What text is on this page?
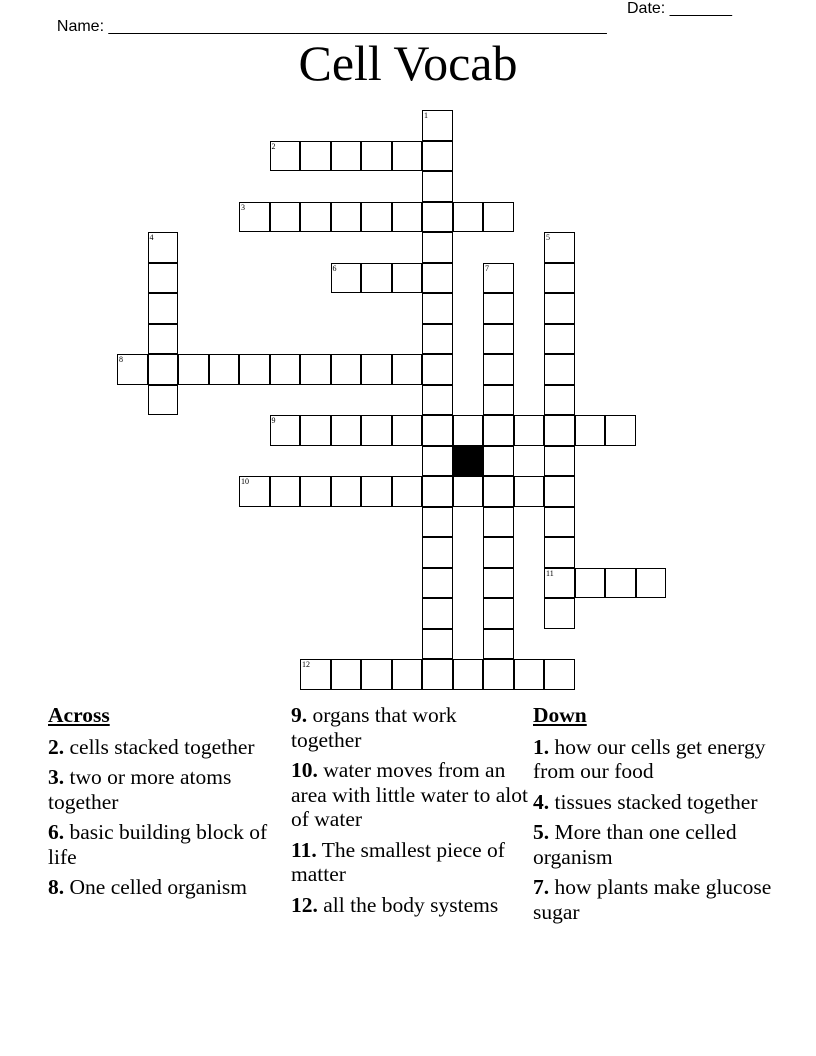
Name: ________________________________________________________

Date: _______

Cell Vocab
1
2
3
4	5
11
6	7
8
9
10
12
Across
2. cells stacked together
3. two or more atoms together
6. basic building block of life
8. One celled organism
9. organs that work together
10. water moves from an area with little water to alot of water
11. The smallest piece of matter
12. all the body systems
Down
1. how our cells get energy from our food
4. tissues stacked together
5. More than one celled organism
7. how plants make glucose sugar
